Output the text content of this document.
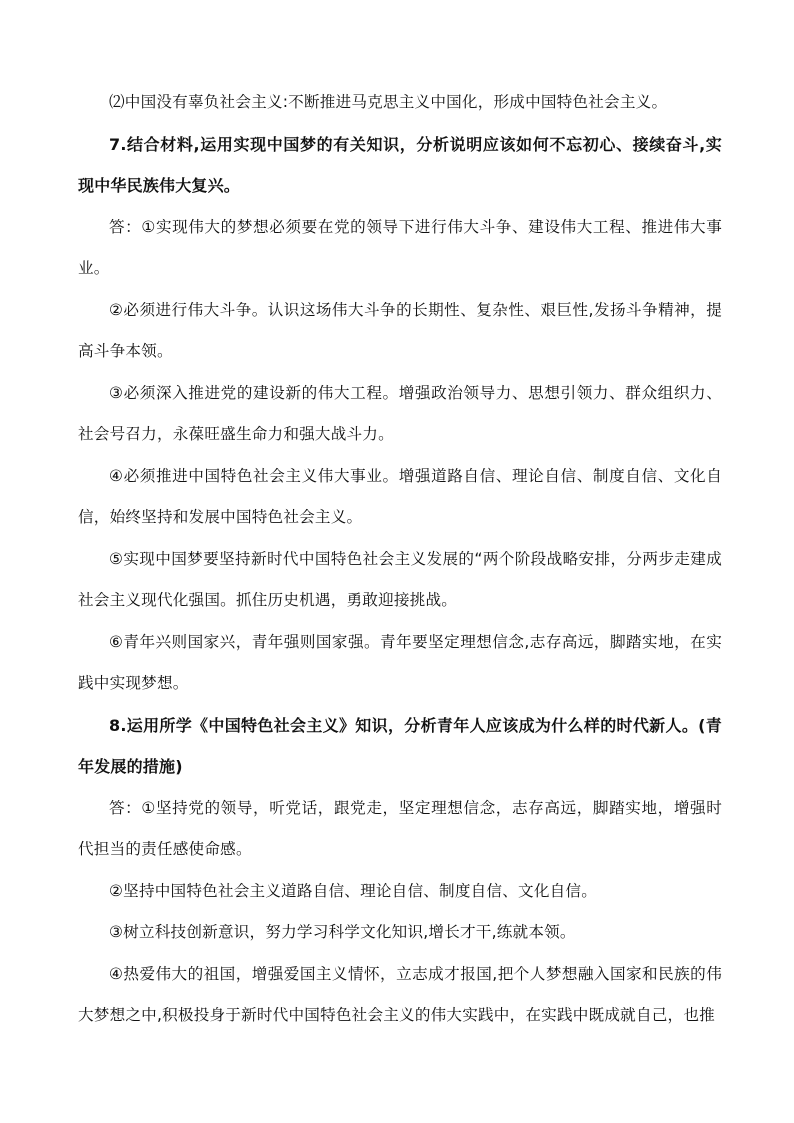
⑵中国没有辜负社会主义:不断推进马克思主义中国化，形成中国特色社会主义。

7.结合材料,运用实现中国梦的有关知识，分析说明应该如何不忘初心、接续奋斗,实现中华民族伟大复兴。

答：①实现伟大的梦想必须要在党的领导下进行伟大斗争、建设伟大工程、推进伟大事业。

②必须进行伟大斗争。认识这场伟大斗争的长期性、复杂性、艰巨性,发扬斗争精神，提高斗争本领。

③必须深入推进党的建设新的伟大工程。增强政治领导力、思想引领力、群众组织力、社会号召力，永葆旺盛生命力和强大战斗力。

④必须推进中国特色社会主义伟大事业。增强道路自信、理论自信、制度自信、文化自信，始终坚持和发展中国特色社会主义。

⑤实现中国梦要坚持新时代中国特色社会主义发展的“两个阶段战略安排，分两步走建成社会主义现代化强国。抓住历史机遇，勇敢迎接挑战。

⑥青年兴则国家兴，青年强则国家强。青年要坚定理想信念,志存高远，脚踏实地，在实践中实现梦想。

8.运用所学《中国特色社会主义》知识，分析青年人应该成为什么样的时代新人。(青年发展的措施)

答：①坚持党的领导，听党话，跟党走，坚定理想信念，志存高远，脚踏实地，增强时代担当的责任感使命感。

②坚持中国特色社会主义道路自信、理论自信、制度自信、文化自信。

③树立科技创新意识，努力学习科学文化知识,增长才干,练就本领。

④热爱伟大的祖国，增强爱国主义情怀，立志成才报国,把个人梦想融入国家和民族的伟大梦想之中,积极投身于新时代中国特色社会主义的伟大实践中，在实践中既成就自己，也推
